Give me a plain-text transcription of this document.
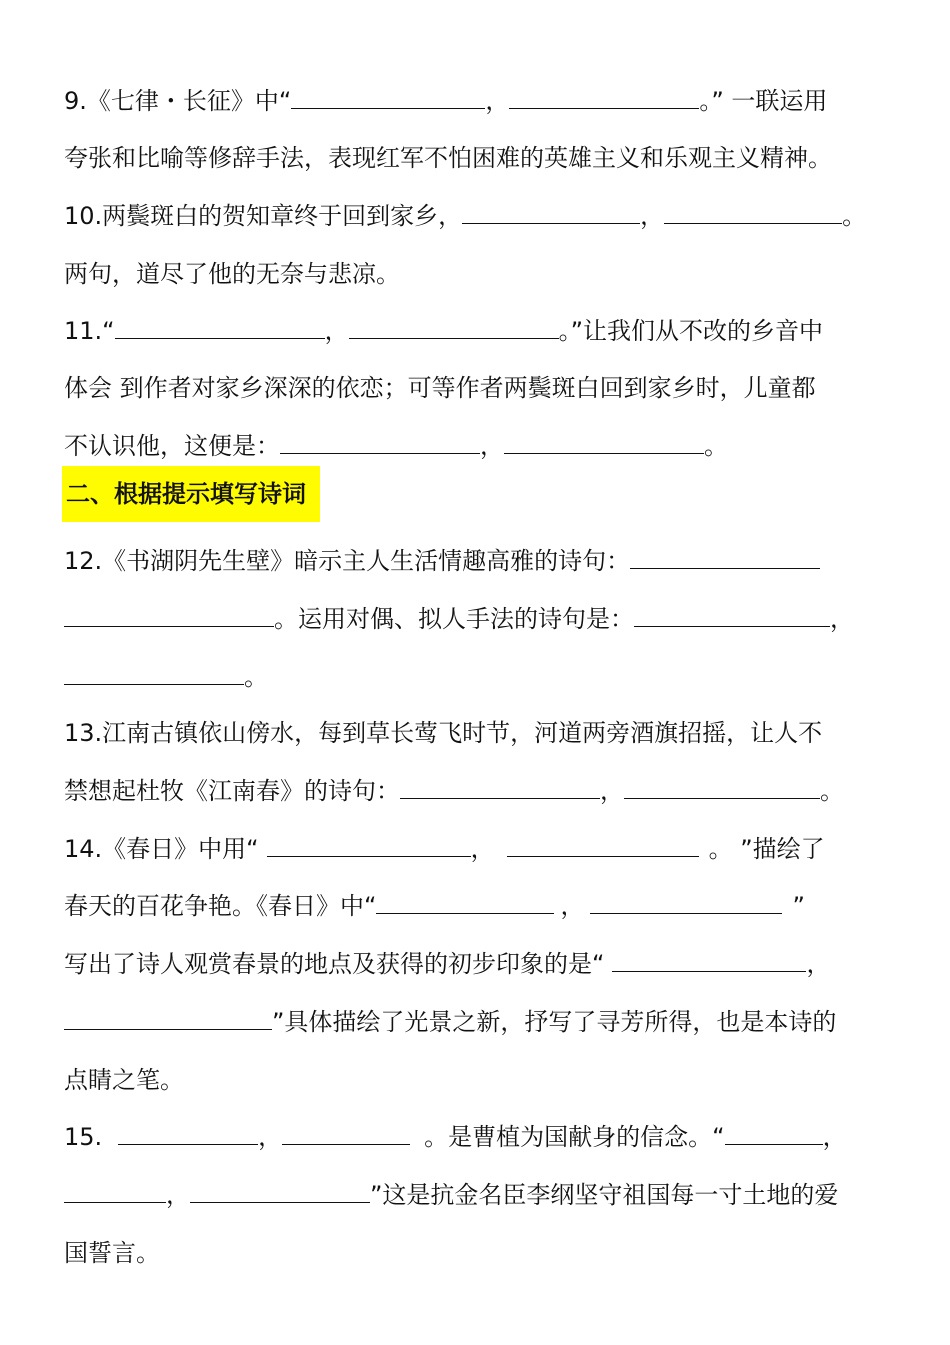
9.《七律・长征》中“	，	。” 一联运用
夸张和比喻等修辞手法，表现红军不怕困难的英雄主义和乐观主义精神。
10.两鬓斑白的贺知章终于回到家乡，	，	。
两句，道尽了他的无奈与悲凉。
11.“	，	。”让我们从不改的乡音中
体会 到作者对家乡深深的依恋；可等作者两鬓斑白回到家乡时，儿童都
不认识他，这便是：	，	。
二、根据提示填写诗词
12.《书湖阴先生壁》暗示主人生活情趣高雅的诗句：
。运用对偶、拟人手法的诗句是：	，
。
13.江南古镇依山傍水，每到草长莺飞时节，河道两旁酒旗招摇，让人不
禁想起杜牧《江南春》的诗句：	，	。
14.《春日》中用“	，	。 ”描绘了
春天的百花争艳。《春日》中“	，	”
写出了诗人观赏春景的地点及获得的初步印象的是“	，
”具体描绘了光景之新，抒写了寻芳所得，也是本诗的
点睛之笔。
15.	，	。是曹植为国献身的信念。“	，
，	”这是抗金名臣李纲坚守祖国每一寸土地的爱
国誓言。
